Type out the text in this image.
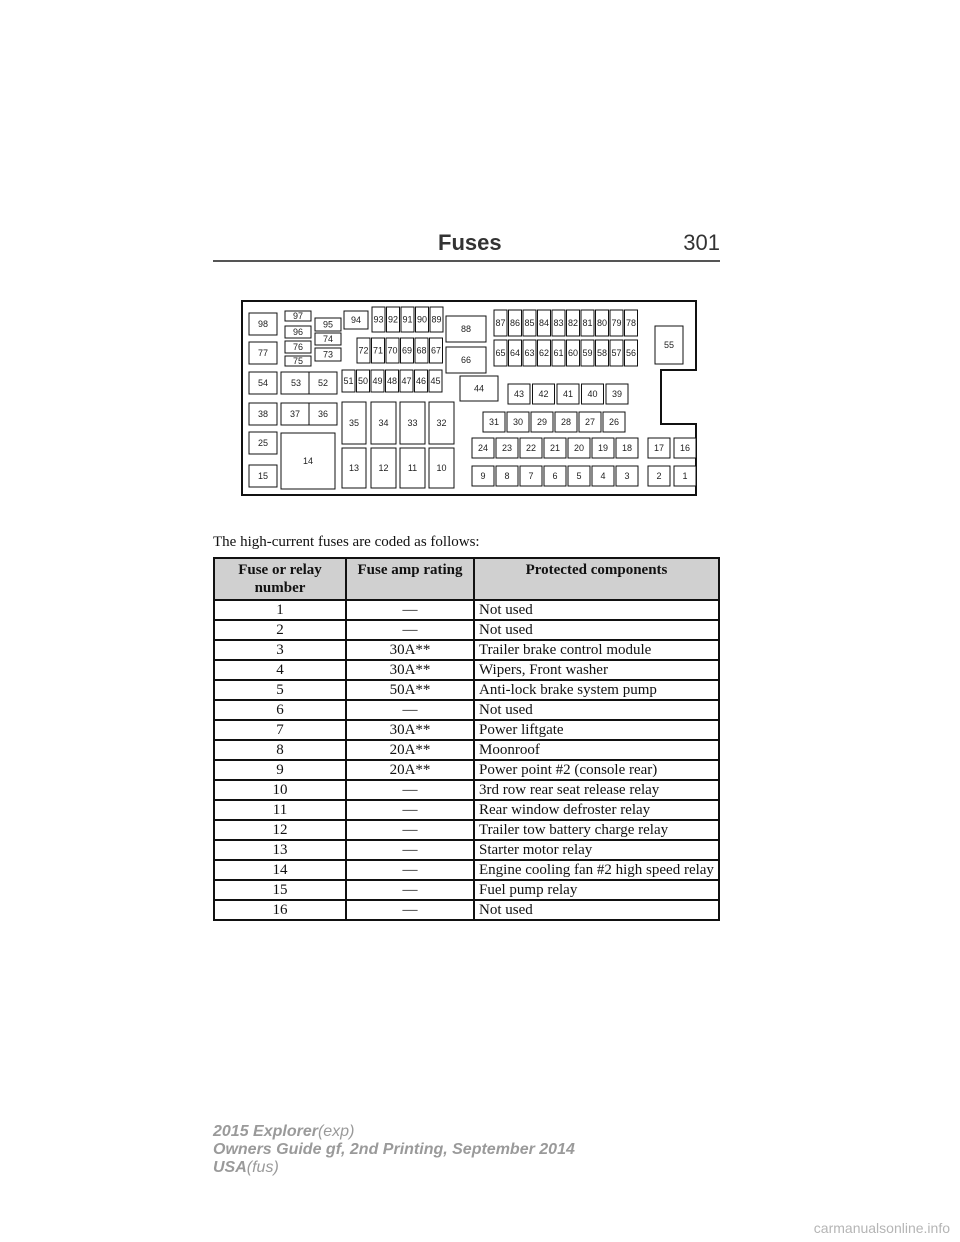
Fuses	301
98
77
54
38
25
15
97
96
76
75
95
74
73
53 52
37 36
14
94 93 92 91 90 89
72 71 70 69 68 67
51 50 49 48 47 46 45
35 34 33 32
13 12 11 10
88
66
44
87 86 85 84 83 82 81 80 79 78
65 64 63 62 61 60 59 58 57 56
43 42 41 40 39
31 30 29 28 27 26
24 23 22 21 20 19 18
9 8 7 6 5 4 3
55
17 16
2 1
The high-current fuses are coded as follows:
Fuse or relay number	Fuse amp rating	Protected components
1	—	Not used
2	—	Not used
3	30A**	Trailer brake control module
4	30A**	Wipers, Front washer
5	50A**	Anti-lock brake system pump
6	—	Not used
7	30A**	Power liftgate
8	20A**	Moonroof
9	20A**	Power point #2 (console rear)
10	—	3rd row rear seat release relay
11	—	Rear window defroster relay
12	—	Trailer tow battery charge relay
13	—	Starter motor relay
14	—	Engine cooling fan #2 high speed relay
15	—	Fuel pump relay
16	—	Not used
2015 Explorer(exp)
Owners Guide gf, 2nd Printing, September 2014
USA(fus)
carmanualsonline.info
